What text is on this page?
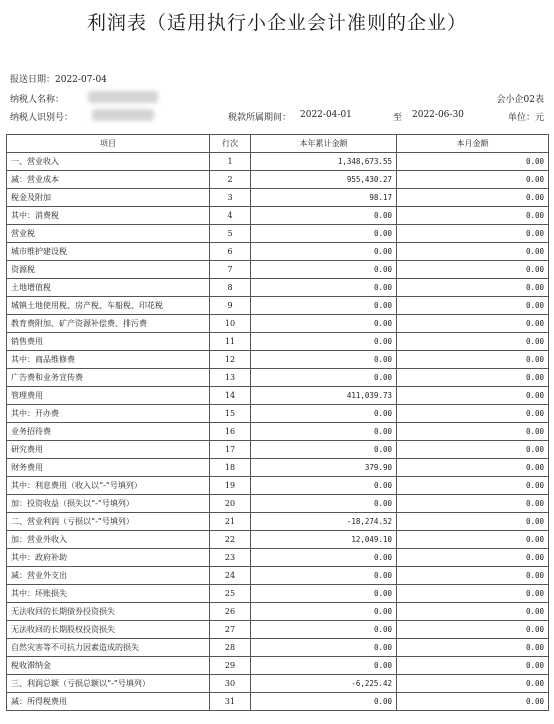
利润表（适用执行小企业会计准则的企业）
报送日期：2022-07-04
纳税人名称：	会小企02表
纳税人识别号：	税款所属期间： 2022-04-01	至 2022-06-30	单位：元
项目	行次	本年累计金额	本月金额
一、营业收入	1	1,348,673.55	0.00
减：营业成本	2	955,430.27	0.00
税金及附加	3	98.17	0.00
其中：消费税	4	0.00	0.00
营业税	5	0.00	0.00
城市维护建设税	6	0.00	0.00
资源税	7	0.00	0.00
土地增值税	8	0.00	0.00
城镇土地使用税、房产税、车船税、印花税	9	0.00	0.00
教育费附加、矿产资源补偿费、排污费	10	0.00	0.00
销售费用	11	0.00	0.00
其中：商品维修费	12	0.00	0.00
广告费和业务宣传费	13	0.00	0.00
管理费用	14	411,039.73	0.00
其中：开办费	15	0.00	0.00
业务招待费	16	0.00	0.00
研究费用	17	0.00	0.00
财务费用	18	379.90	0.00
其中：利息费用（收入以“-”号填列）	19	0.00	0.00
加：投资收益（损失以“-”号填列）	20	0.00	0.00
二、营业利润（亏损以“-”号填列）	21	-18,274.52	0.00
加：营业外收入	22	12,049.10	0.00
其中：政府补助	23	0.00	0.00
减：营业外支出	24	0.00	0.00
其中：坏账损失	25	0.00	0.00
无法收回的长期债券投资损失	26	0.00	0.00
无法收回的长期股权投资损失	27	0.00	0.00
自然灾害等不可抗力因素造成的损失	28	0.00	0.00
税收滞纳金	29	0.00	0.00
三、利润总额（亏损总额以“-”号填列）	30	-6,225.42	0.00
减：所得税费用	31	0.00	0.00
